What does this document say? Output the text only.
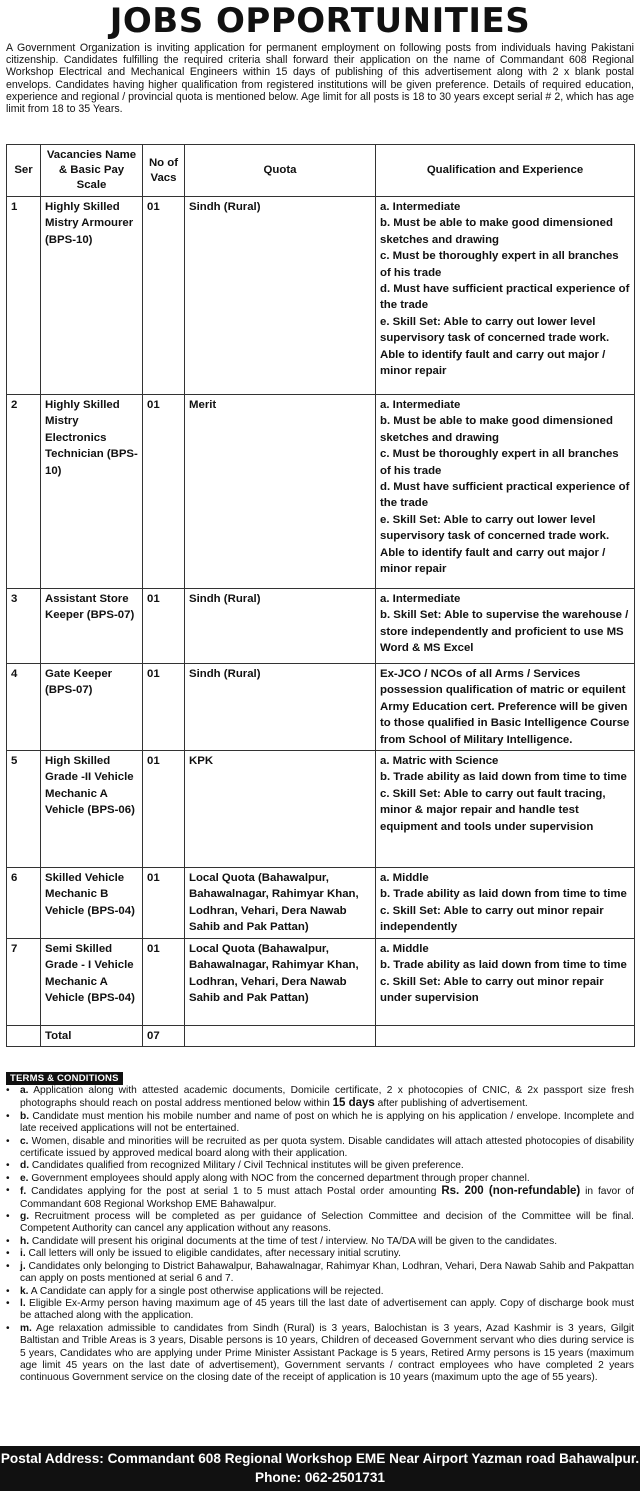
JOBS OPPORTUNITIES

A Government Organization is inviting application for permanent employment on following posts from individuals having Pakistani citizenship. Candidates fulfilling the required criteria shall forward their application on the name of Commandant 608 Regional Workshop Electrical and Mechanical Engineers within 15 days of publishing of this advertisement along with 2 x blank postal envelops. Candidates having higher qualification from registered institutions will be given preference. Details of required education, experience and regional / provincial quota is mentioned below. Age limit for all posts is 18 to 30 years except serial # 2, which has age limit from 18 to 35 Years.

Ser	Vacancies Name & Basic Pay Scale	No of Vacs	Quota	Qualification and Experience
1	Highly Skilled Mistry Armourer (BPS-10)	01	Sindh (Rural)	a. Intermediate
b. Must be able to make good dimensioned sketches and drawing
c. Must be thoroughly expert in all branches of his trade
d. Must have sufficient practical experience of the trade
e. Skill Set: Able to carry out lower level supervisory task of concerned trade work. Able to identify fault and carry out major / minor repair

2	Highly Skilled Mistry Electronics Technician (BPS-10)	01	Merit	a. Intermediate
b. Must be able to make good dimensioned sketches and drawing
c. Must be thoroughly expert in all branches of his trade
d. Must have sufficient practical experience of the trade
e. Skill Set: Able to carry out lower level supervisory task of concerned trade work. Able to identify fault and carry out major / minor repair

3	Assistant Store Keeper (BPS-07)	01	Sindh (Rural)	a. Intermediate
b. Skill Set: Able to supervise the warehouse / store independently and proficient to use MS Word & MS Excel

4	Gate Keeper (BPS-07)	01	Sindh (Rural)	Ex-JCO / NCOs of all Arms / Services possession qualification of matric or equilent Army Education cert. Preference will be given to those qualified in Basic Intelligence Course from School of Military Intelligence.

5	High Skilled Grade -II Vehicle Mechanic A Vehicle (BPS-06)	01	KPK	a. Matric with Science
b. Trade ability as laid down from time to time
c. Skill Set: Able to carry out fault tracing, minor & major repair and handle test equipment and tools under supervision

6	Skilled Vehicle Mechanic B Vehicle (BPS-04)	01	Local Quota (Bahawalpur, Bahawalnagar, Rahimyar Khan, Lodhran, Vehari, Dera Nawab Sahib and Pak Pattan)	a. Middle
b. Trade ability as laid down from time to time
c. Skill Set: Able to carry out minor repair independently

7	Semi Skilled Grade - I Vehicle Mechanic A Vehicle (BPS-04)	01	Local Quota (Bahawalpur, Bahawalnagar, Rahimyar Khan, Lodhran, Vehari, Dera Nawab Sahib and Pak Pattan)	a. Middle
b. Trade ability as laid down from time to time
c. Skill Set: Able to carry out minor repair under supervision

	Total	07		
TERMS & CONDITIONS
• a. Application along with attested academic documents, Domicile certificate, 2 x photocopies of CNIC, & 2x passport size fresh photographs should reach on postal address mentioned below within 15 days after publishing of advertisement.
• b. Candidate must mention his mobile number and name of post on which he is applying on his application / envelope. Incomplete and late received applications will not be entertained.
• c. Women, disable and minorities will be recruited as per quota system. Disable candidates will attach attested photocopies of disability certificate issued by approved medical board along with their application.
• d. Candidates qualified from recognized Military / Civil Technical institutes will be given preference.
• e. Government employees should apply along with NOC from the concerned department through proper channel.
• f. Candidates applying for the post at serial 1 to 5 must attach Postal order amounting Rs. 200 (non-refundable) in favor of Commandant 608 Regional Workshop EME Bahawalpur.
• g. Recruitment process will be completed as per guidance of Selection Committee and decision of the Committee will be final. Competent Authority can cancel any application without any reasons.
• h. Candidate will present his original documents at the time of test / interview. No TA/DA will be given to the candidates.
• i. Call letters will only be issued to eligible candidates, after necessary initial scrutiny.
• j. Candidates only belonging to District Bahawalpur, Bahawalnagar, Rahimyar Khan, Lodhran, Vehari, Dera Nawab Sahib and Pakpattan can apply on posts mentioned at serial 6 and 7.
• k. A Candidate can apply for a single post otherwise applications will be rejected.
• l. Eligible Ex-Army person having maximum age of 45 years till the last date of advertisement can apply. Copy of discharge book must be attached along with the application.
• m. Age relaxation admissible to candidates from Sindh (Rural) is 3 years, Balochistan is 3 years, Azad Kashmir is 3 years, Gilgit Baltistan and Trible Areas is 3 years, Disable persons is 10 years, Children of deceased Government servant who dies during service is 5 years, Candidates who are applying under Prime Minister Assistant Package is 5 years, Retired Army persons is 15 years (maximum age limit 45 years on the last date of advertisement), Government servants / contract employees who have completed 2 years continuous Government service on the closing date of the receipt of application is 10 years (maximum upto the age of 55 years).
Postal Address: Commandant 608 Regional Workshop EME Near Airport Yazman road Bahawalpur.
Phone: 062-2501731
